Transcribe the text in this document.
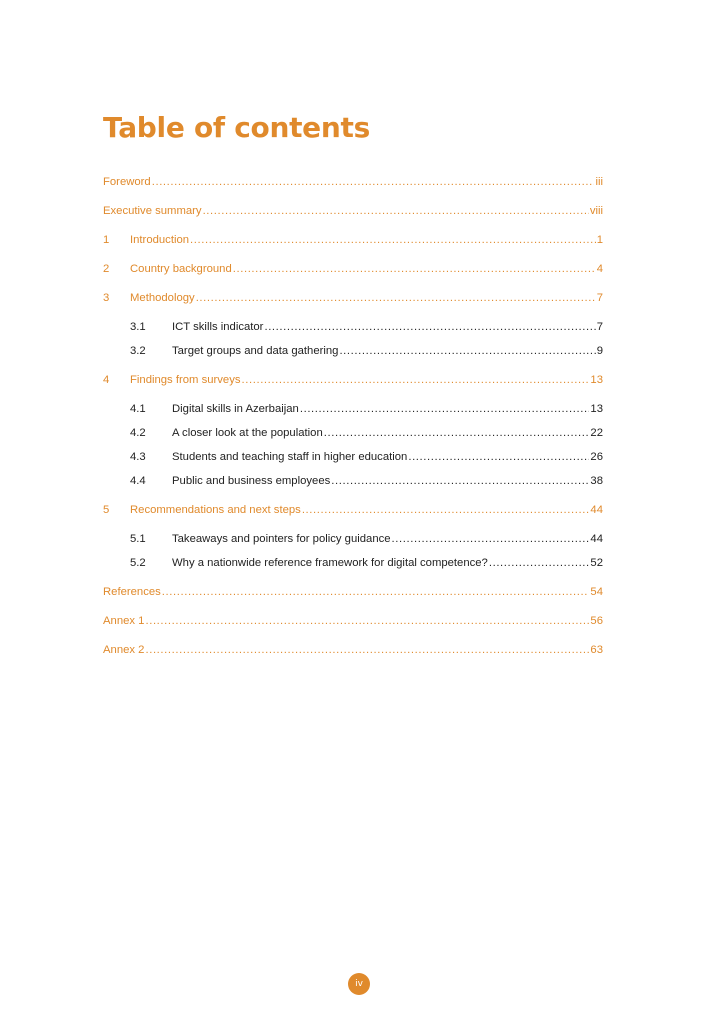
Table of contents
Foreword .....	iii
Executive summary .....	viii
1	Introduction .....	1
2	Country background .....	4
3	Methodology .....	7
3.1	ICT skills indicator .....	7
3.2	Target groups and data gathering .....	9
4	Findings from surveys .....	13
4.1	Digital skills in Azerbaijan .....	13
4.2	A closer look at the population .....	22
4.3	Students and teaching staff in higher education .....	26
4.4	Public and business employees .....	38
5	Recommendations and next steps .....	44
5.1	Takeaways and pointers for policy guidance .....	44
5.2	Why a nationwide reference framework for digital competence? .....	52
References .....	54
Annex 1 .....	56
Annex 2 .....	63
iv
